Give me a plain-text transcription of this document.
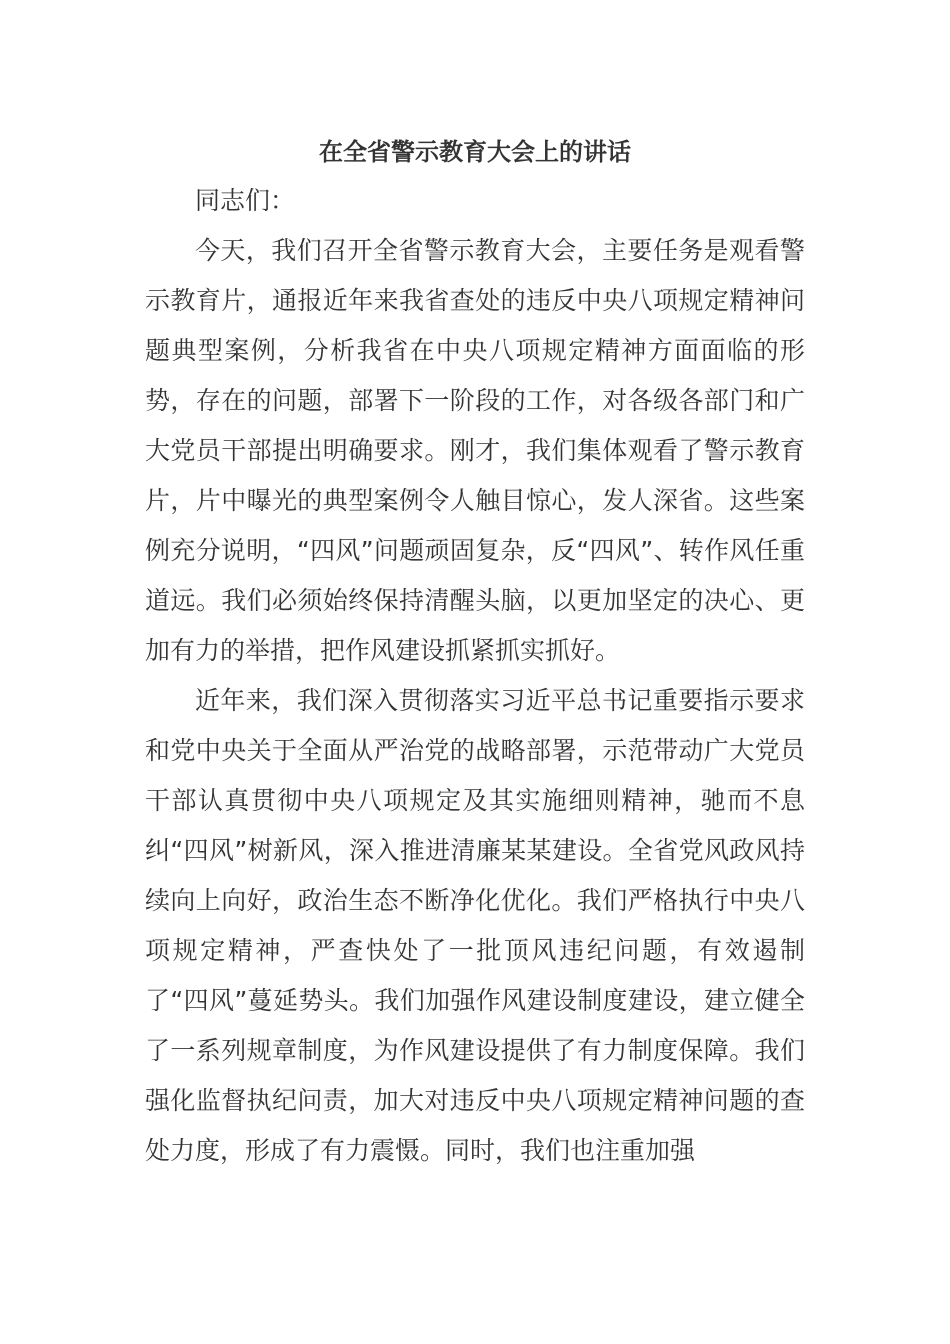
在全省警示教育大会上的讲话

同志们：

今天，我们召开全省警示教育大会，主要任务是观看警示教育片，通报近年来我省查处的违反中央八项规定精神问题典型案例，分析我省在中央八项规定精神方面面临的形势，存在的问题，部署下一阶段的工作，对各级各部门和广大党员干部提出明确要求。刚才，我们集体观看了警示教育片，片中曝光的典型案例令人触目惊心，发人深省。这些案例充分说明，“四风”问题顽固复杂，反“四风”、转作风任重道远。我们必须始终保持清醒头脑，以更加坚定的决心、更加有力的举措，把作风建设抓紧抓实抓好。

近年来，我们深入贯彻落实习近平总书记重要指示要求和党中央关于全面从严治党的战略部署，示范带动广大党员干部认真贯彻中央八项规定及其实施细则精神，驰而不息纠“四风”树新风，深入推进清廉某某建设。全省党风政风持续向上向好，政治生态不断净化优化。我们严格执行中央八项规定精神，严查快处了一批顶风违纪问题，有效遏制了“四风”蔓延势头。我们加强作风建设制度建设，建立健全了一系列规章制度，为作风建设提供了有力制度保障。我们强化监督执纪问责，加大对违反中央八项规定精神问题的查处力度，形成了有力震慑。同时，我们也注重加强
